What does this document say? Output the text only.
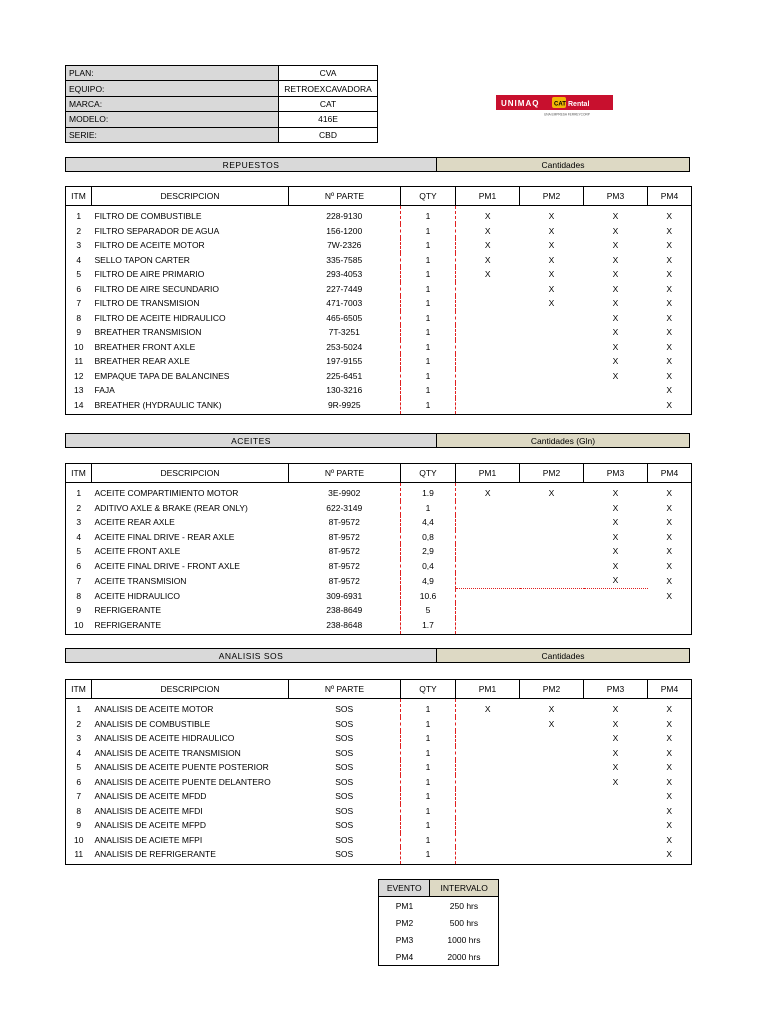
PLAN:	CVA
EQUIPO:	RETROEXCAVADORA
MARCA:	CAT
MODELO:	416E
SERIE:	CBD
UNIMAQ CAT Rental
UNA EMPRESA FERREYCORP
REPUESTOS	Cantidades
ITM	DESCRIPCION	Nº PARTE	QTY	PM1	PM2	PM3	PM4
1	FILTRO DE COMBUSTIBLE	228-9130	1	X	X	X	X
2	FILTRO SEPARADOR DE AGUA	156-1200	1	X	X	X	X
3	FILTRO DE ACEITE MOTOR	7W-2326	1	X	X	X	X
4	SELLO TAPON CARTER	335-7585	1	X	X	X	X
5	FILTRO DE AIRE PRIMARIO	293-4053	1	X	X	X	X
6	FILTRO DE AIRE SECUNDARIO	227-7449	1		X	X	X
7	FILTRO DE TRANSMISION	471-7003	1		X	X	X
8	FILTRO DE ACEITE HIDRAULICO	465-6505	1			X	X
9	BREATHER TRANSMISION	7T-3251	1			X	X
10	BREATHER FRONT AXLE	253-5024	1			X	X
11	BREATHER REAR AXLE	197-9155	1			X	X
12	EMPAQUE TAPA DE BALANCINES	225-6451	1			X	X
13	FAJA	130-3216	1				X
14	BREATHER (HYDRAULIC TANK)	9R-9925	1				X
ACEITES	Cantidades (Gln)
ITM	DESCRIPCION	Nº PARTE	QTY	PM1	PM2	PM3	PM4
1	ACEITE COMPARTIMIENTO MOTOR	3E-9902	1.9	X	X	X	X
2	ADITIVO AXLE & BRAKE (REAR ONLY)	622-3149	1			X	X
3	ACEITE REAR AXLE	8T-9572	4,4			X	X
4	ACEITE FINAL DRIVE - REAR AXLE	8T-9572	0,8			X	X
5	ACEITE FRONT AXLE	8T-9572	2,9			X	X
6	ACEITE FINAL DRIVE - FRONT AXLE	8T-9572	0,4			X	X
7	ACEITE TRANSMISION	8T-9572	4,9			X	X
8	ACEITE HIDRAULICO	309-6931	10.6				X
9	REFRIGERANTE	238-8649	5				
10	REFRIGERANTE	238-8648	1.7				
ANALISIS SOS	Cantidades
ITM	DESCRIPCION	Nº PARTE	QTY	PM1	PM2	PM3	PM4
1	ANALISIS DE ACEITE MOTOR	SOS	1	X	X	X	X
2	ANALISIS DE COMBUSTIBLE	SOS	1		X	X	X
3	ANALISIS DE ACEITE HIDRAULICO	SOS	1			X	X
4	ANALISIS DE ACEITE TRANSMISION	SOS	1			X	X
5	ANALISIS DE ACEITE PUENTE POSTERIOR	SOS	1			X	X
6	ANALISIS DE ACEITE PUENTE DELANTERO	SOS	1			X	X
7	ANALISIS DE ACEITE MFDD	SOS	1				X
8	ANALISIS DE ACEITE MFDI	SOS	1				X
9	ANALISIS DE ACEITE MFPD	SOS	1				X
10	ANALISIS DE ACIETE MFPI	SOS	1				X
11	ANALISIS DE REFRIGERANTE	SOS	1				X
EVENTO	INTERVALO
PM1	250 hrs
PM2	500 hrs
PM3	1000 hrs
PM4	2000 hrs
